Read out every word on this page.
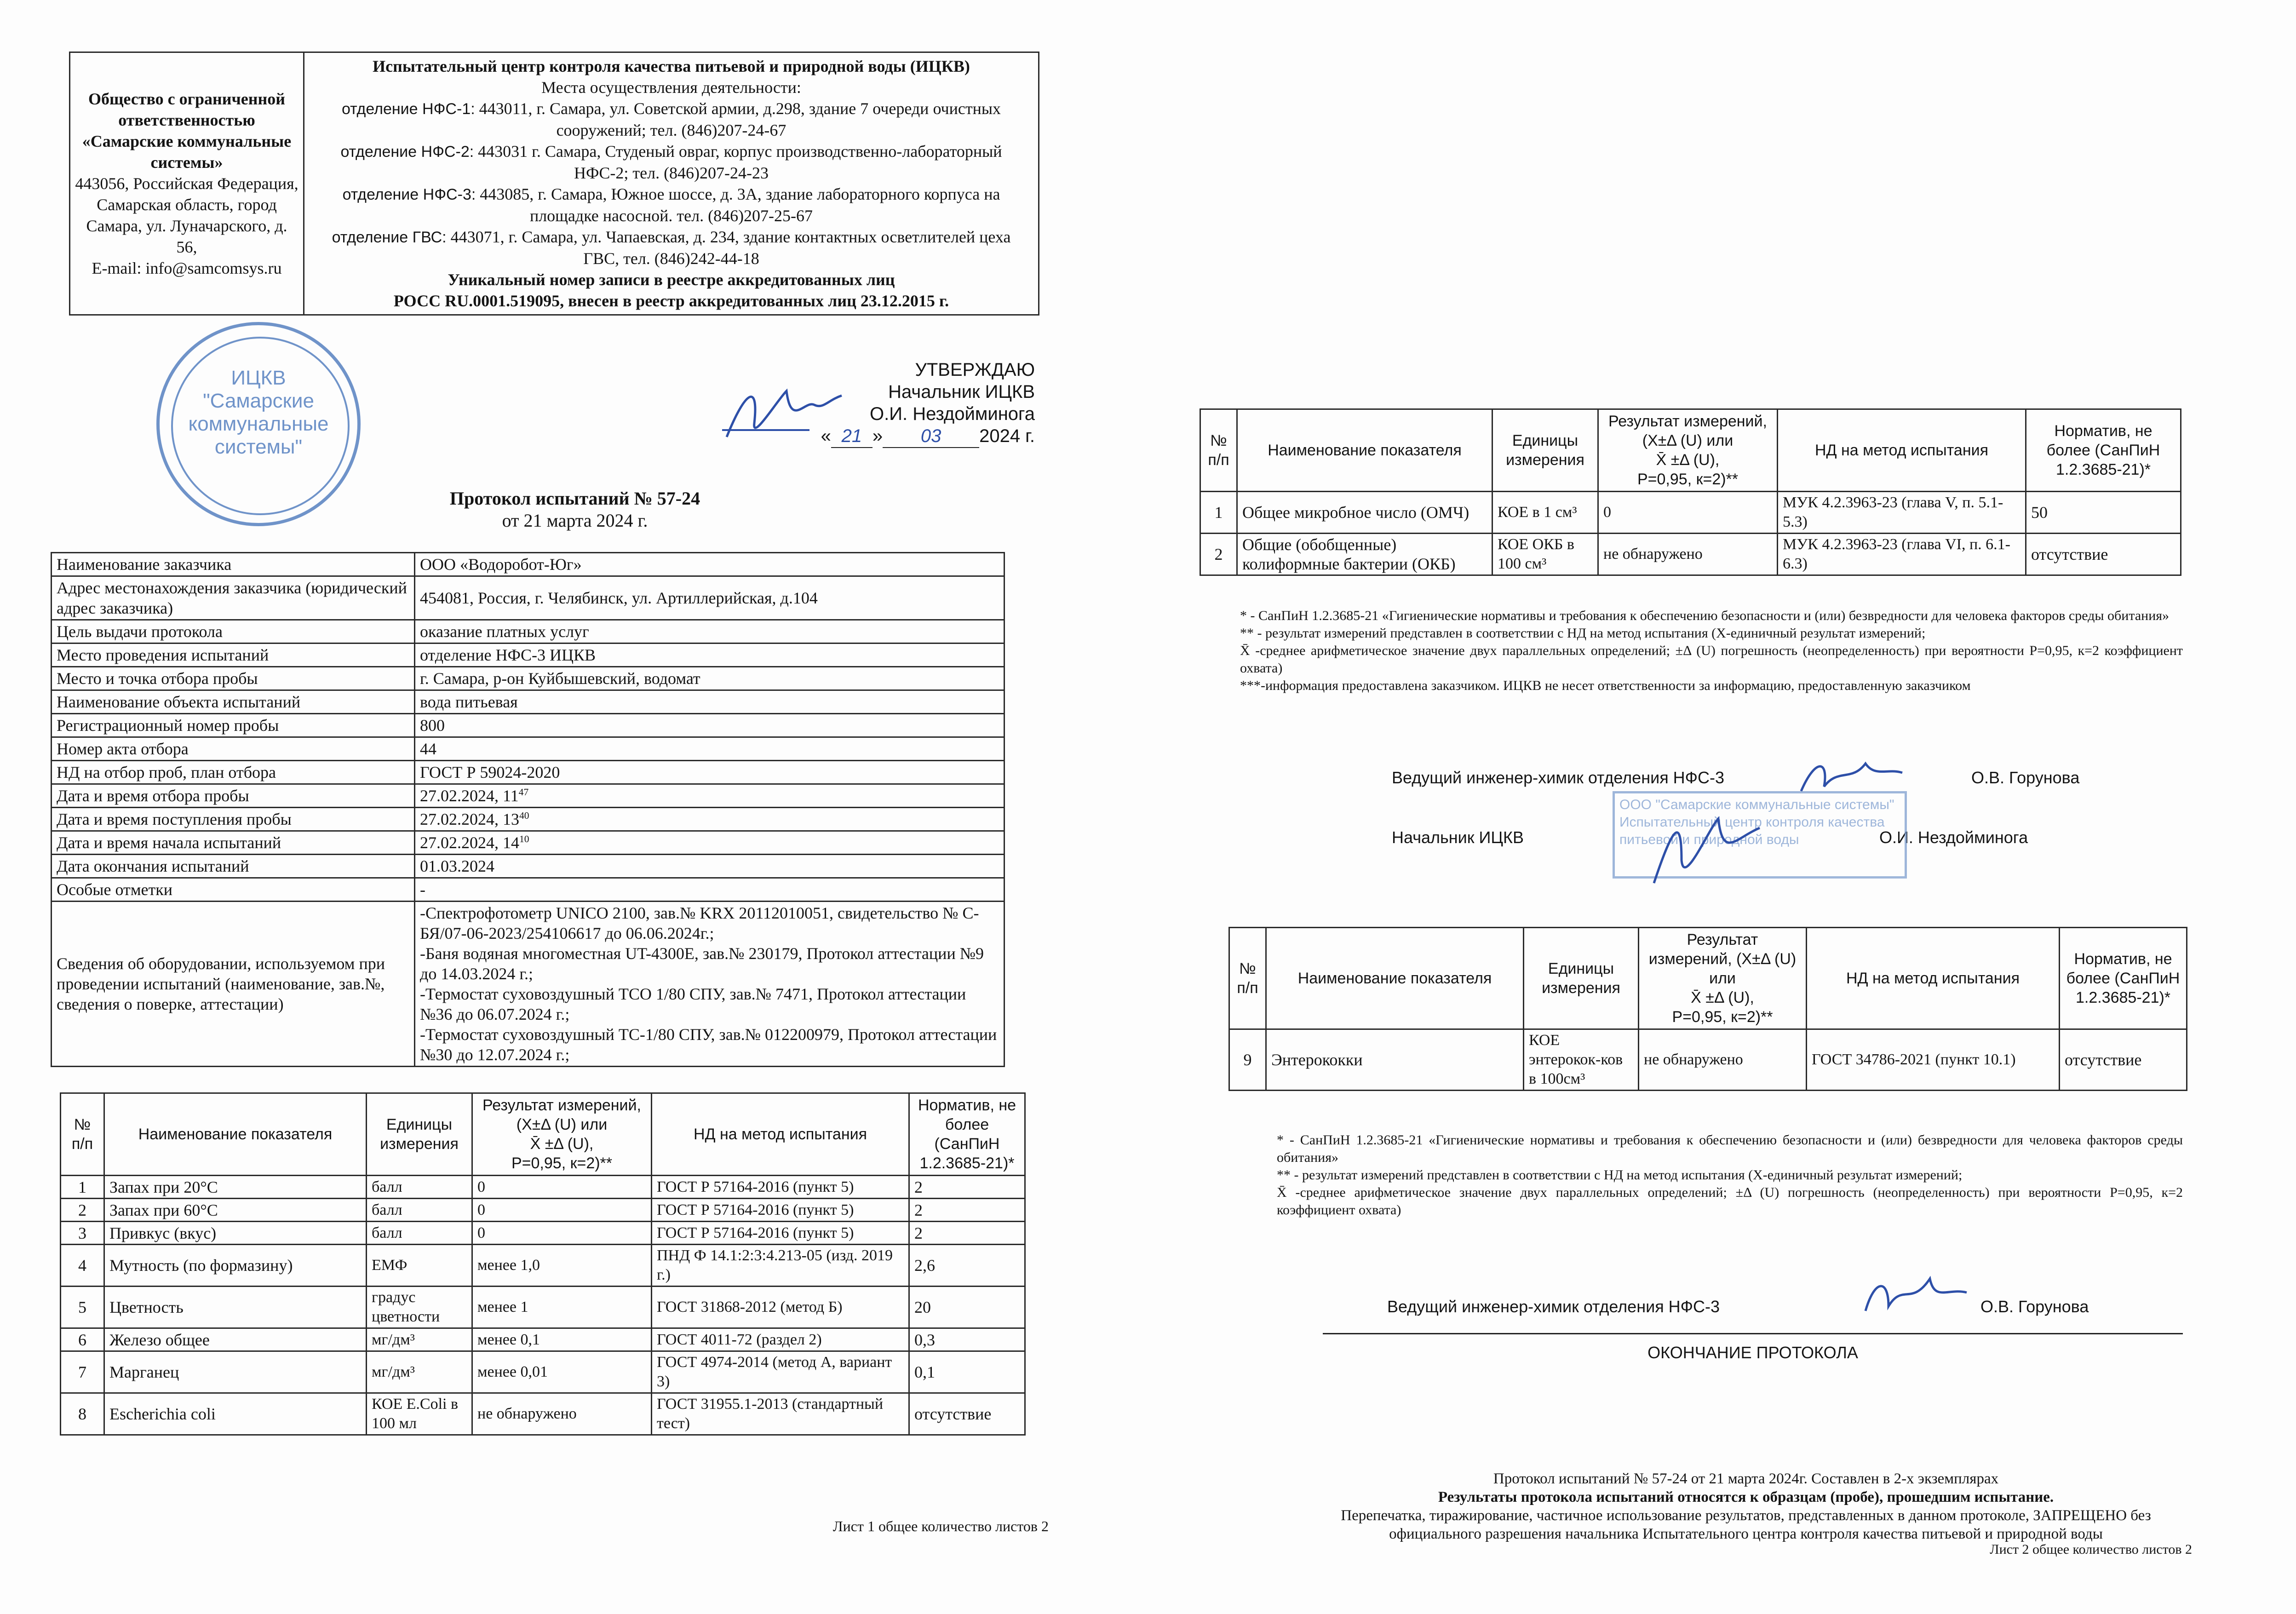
Общество с ограниченной ответственностью «Самарские коммунальные системы»
443056, Российская Федерация, Самарская область, город Самара, ул. Луначарского, д. 56,
E-mail: info@samcomsys.ru	Испытательный центр контроля качества питьевой и природной воды (ИЦКВ)
Места осуществления деятельности:
отделение НФС-1: 443011, г. Самара, ул. Советской армии, д.298, здание 7 очереди очистных сооружений; тел. (846)207-24-67
отделение НФС-2: 443031 г. Самара, Студеный овраг, корпус производственно-лабораторный НФС-2; тел. (846)207-24-23
отделение НФС-3: 443085, г. Самара, Южное шоссе, д. 3А, здание лабораторного корпуса на площадке насосной. тел. (846)207-25-67
отделение ГВС: 443071, г. Самара, ул. Чапаевская, д. 234, здание контактных осветлителей цеха ГВС, тел. (846)242-44-18
Уникальный номер записи в реестре аккредитованных лиц
РОСС RU.0001.519095, внесен в реестр аккредитованных лиц 23.12.2015 г.
ИЦКВ
"Самарские
коммунальные
системы"
УТВЕРЖДАЮ
Начальник ИЦКВ
О.И. Нездойминога
« 21 » 03 2024 г.
Протокол испытаний № 57-24
от 21 марта 2024 г.
Наименование заказчика	ООО «Водоробот-Юг»
Адрес местонахождения заказчика (юридический адрес заказчика)	454081, Россия, г. Челябинск, ул. Артиллерийская, д.104
Цель выдачи протокола	оказание платных услуг
Место проведения испытаний	отделение НФС-3 ИЦКВ
Место и точка отбора пробы	г. Самара, р-он Куйбышевский, водомат
Наименование объекта испытаний	вода питьевая
Регистрационный номер пробы	800
Номер акта отбора	44
НД на отбор проб, план отбора	ГОСТ Р 59024-2020
Дата и время отбора пробы	27.02.2024, $11^{47}$
Дата и время поступления пробы	27.02.2024, $13^{40}$
Дата и время начала испытаний	27.02.2024, $14^{10}$
Дата окончания испытаний	01.03.2024
Особые отметки	-
Сведения об оборудовании, используемом при проведении испытаний (наименование, зав.№, сведения о поверке, аттестации)	-Спектрофотометр UNICO 2100, зав.№ KRX 20112010051, свидетельство № С-БЯ/07-06-2023/254106617 до 06.06.2024г.;
-Баня водяная многоместная UT-4300E, зав.№ 230179, Протокол аттестации №9 до 14.03.2024 г.;
-Термостат суховоздушный ТСО 1/80 СПУ, зав.№ 7471, Протокол аттестации №36 до 06.07.2024 г.;
-Термостат суховоздушный ТС-1/80 СПУ, зав.№ 012200979, Протокол аттестации №30 до 12.07.2024 г.;
№ п/п	Наименование показателя	Единицы измерения	Результат измерений, (Х±Δ (U) или
X̄ ±Δ (U),
Р=0,95, к=2)**	НД на метод испытания	Норматив, не более (СанПиН 1.2.3685-21)*
1	Запах при 20°С	балл	0	ГОСТ Р 57164-2016 (пункт 5)	2
2	Запах при 60°С	балл	0	ГОСТ Р 57164-2016 (пункт 5)	2
3	Привкус (вкус)	балл	0	ГОСТ Р 57164-2016 (пункт 5)	2
4	Мутность (по формазину)	ЕМФ	менее 1,0	ПНД Ф 14.1:2:3:4.213-05 (изд. 2019 г.)	2,6
5	Цветность	градус цветности	менее 1	ГОСТ 31868-2012 (метод Б)	20
6	Железо общее	мг/дм³	менее 0,1	ГОСТ 4011-72 (раздел 2)	0,3
7	Марганец	мг/дм³	менее 0,01	ГОСТ 4974-2014 (метод А, вариант 3)	0,1
8	Escherichia coli	КОЕ E.Coli в 100 мл	не обнаружено	ГОСТ 31955.1-2013 (стандартный тест)	отсутствие
Лист 1 общее количество листов 2
№ п/п	Наименование показателя	Единицы измерения	Результат измерений, (Х±Δ (U) или
X̄ ±Δ (U),
Р=0,95, к=2)**	НД на метод испытания	Норматив, не более (СанПиН 1.2.3685-21)*
1	Общее микробное число (ОМЧ)	КОЕ в 1 см³	0	МУК 4.2.3963-23 (глава V, п. 5.1-5.3)	50
2	Общие (обобщенные) колиформные бактерии (ОКБ)	КОЕ ОКБ в 100 см³	не обнаружено	МУК 4.2.3963-23 (глава VI, п. 6.1-6.3)	отсутствие
* - СанПиН 1.2.3685-21 «Гигиенические нормативы и требования к обеспечению безопасности и (или) безвредности для человека факторов среды обитания»
** - результат измерений представлен в соответствии с НД на метод испытания (Х-единичный результат измерений;
X̄ -среднее арифметическое значение двух параллельных определений; ±Δ (U) погрешность (неопределенность) при вероятности Р=0,95, к=2 коэффициент охвата)
***-информация предоставлена заказчиком. ИЦКВ не несет ответственности за информацию, предоставленную заказчиком
Ведущий инженер-химик отделения НФС-3	О.В. Горунова
Начальник ИЦКВ	О.И. Нездойминога
ООО "Самарские коммунальные системы"
Испытательный центр контроля качества
питьевой и природной воды
№ п/п	Наименование показателя	Единицы измерения	Результат измерений, (Х±Δ (U) или
X̄ ±Δ (U),
Р=0,95, к=2)**	НД на метод испытания	Норматив, не более (СанПиН 1.2.3685-21)*
9	Энтерококки	КОЕ энтерокок-ков в 100см³	не обнаружено	ГОСТ 34786-2021 (пункт 10.1)	отсутствие
* - СанПиН 1.2.3685-21 «Гигиенические нормативы и требования к обеспечению безопасности и (или) безвредности для человека факторов среды обитания»
** - результат измерений представлен в соответствии с НД на метод испытания (Х-единичный результат измерений;
X̄ -среднее арифметическое значение двух параллельных определений; ±Δ (U) погрешность (неопределенность) при вероятности Р=0,95, к=2 коэффициент охвата)
Ведущий инженер-химик отделения НФС-3	О.В. Горунова
ОКОНЧАНИЕ ПРОТОКОЛА
Протокол испытаний № 57-24 от 21 марта 2024г. Составлен в 2-х экземплярах
Результаты протокола испытаний относятся к образцам (пробе), прошедшим испытание.
Перепечатка, тиражирование, частичное использование результатов, представленных в данном протоколе, ЗАПРЕЩЕНО без официального разрешения начальника Испытательного центра контроля качества питьевой и природной воды
Лист 2 общее количество листов 2
